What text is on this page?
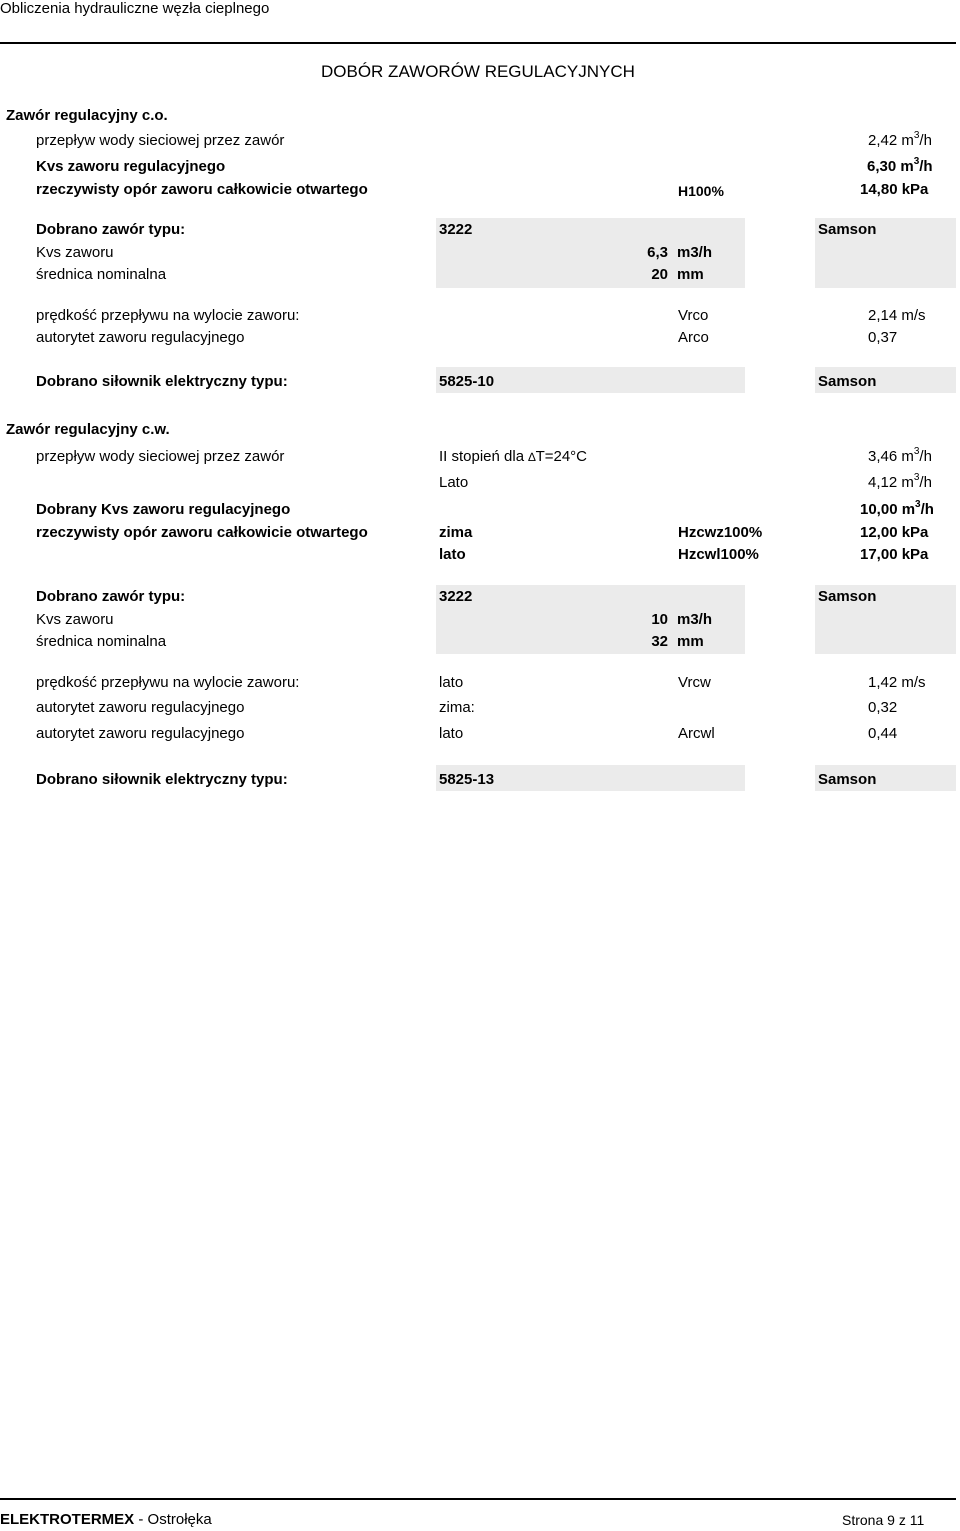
Obliczenia hydrauliczne węzła cieplnego
DOBÓR ZAWORÓW REGULACYJNYCH
Zawór regulacyjny c.o.
przepływ wody sieciowej przez zawór	2,42 $m^3/h$
Kvs zaworu regulacyjnego	6,30 $m^3/h$
rzeczywisty opór zaworu całkowicie otwartego	H100%	14,80 kPa
Dobrano zawór typu:	3222	Samson
Kvs zaworu	6,3 m3/h
średnica nominalna	20 mm
prędkość przepływu na wylocie zaworu:	Vrco	2,14 m/s
autorytet zaworu regulacyjnego	Arco	0,37
Dobrano siłownik elektryczny typu:	5825-10	Samson
Zawór regulacyjny c.w.
przepływ wody sieciowej przez zawór	II stopień dla ∆T=24°C	3,46 $m^3/h$
Lato	4,12 $m^3/h$
Dobrany Kvs zaworu regulacyjnego	10,00 $m^3/h$
rzeczywisty opór zaworu całkowicie otwartego	zima	Hzcwz100%	12,00 kPa
lato	Hzcwl100%	17,00 kPa
Dobrano zawór typu:	3222	Samson
Kvs zaworu	10 m3/h
średnica nominalna	32 mm
prędkość przepływu na wylocie zaworu:	lato	Vrcw	1,42 m/s
autorytet zaworu regulacyjnego	zima:	0,32
autorytet zaworu regulacyjnego	lato	Arcwl	0,44
Dobrano siłownik elektryczny typu:	5825-13	Samson
ELEKTROTERMEX - Ostrołęka	Strona 9 z 11
